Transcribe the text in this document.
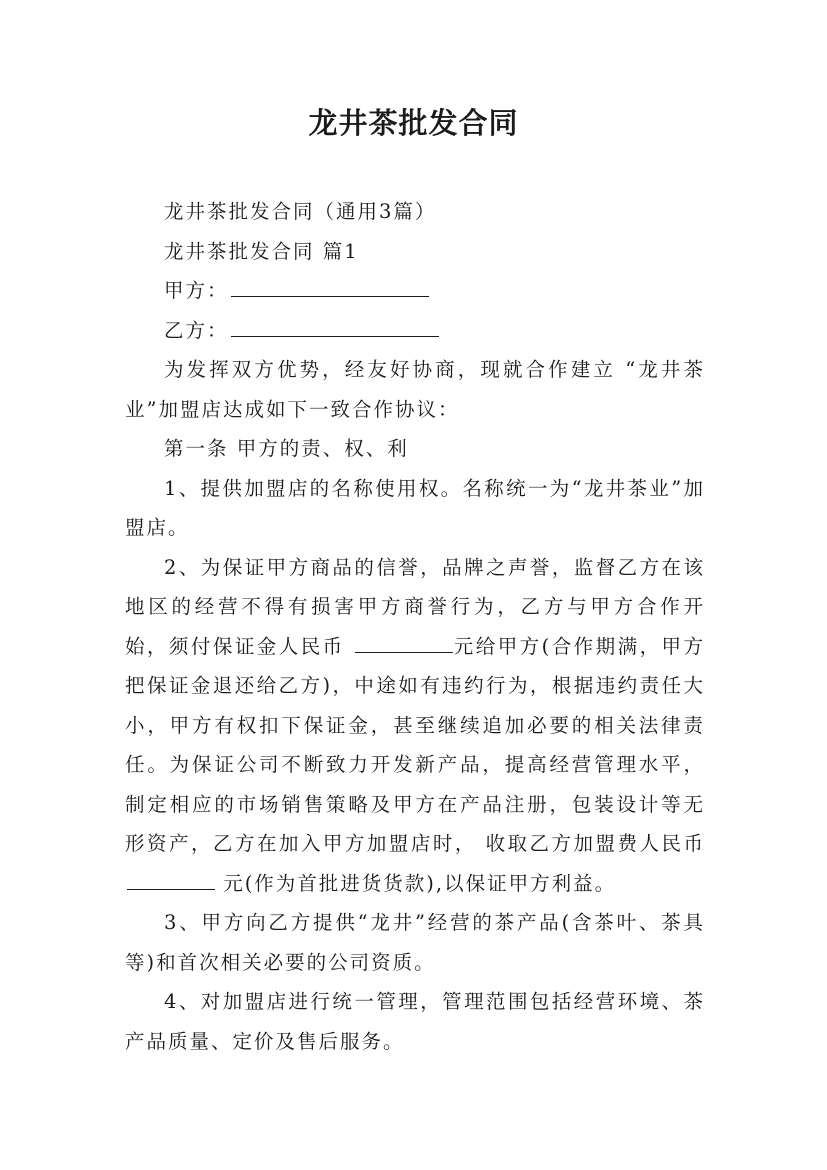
龙井茶批发合同

龙井茶批发合同（通用3篇）

龙井茶批发合同 篇1

甲方：

乙方：

为发挥双方优势，经友好协商，现就合作建立 “龙井茶业”加盟店达成如下一致合作协议：

第一条 甲方的责、权、利

1、提供加盟店的名称使用权。名称统一为“龙井茶业”加盟店。

2、为保证甲方商品的信誉，品牌之声誉，监督乙方在该地区的经营不得有损害甲方商誉行为，乙方与甲方合作开始，须付保证金人民币	元给甲方(合作期满，甲方把保证金退还给乙方)，中途如有违约行为，根据违约责任大小，甲方有权扣下保证金，甚至继续追加必要的相关法律责任。为保证公司不断致力开发新产品，提高经营管理水平，制定相应的市场销售策略及甲方在产品注册，包装设计等无形资产，乙方在加入甲方加盟店时， 收取乙方加盟费人民币  元(作为首批进货货款),以保证甲方利益。

3、甲方向乙方提供“龙井”经营的茶产品(含茶叶、茶具等)和首次相关必要的公司资质。

4、对加盟店进行统一管理，管理范围包括经营环境、茶产品质量、定价及售后服务。
